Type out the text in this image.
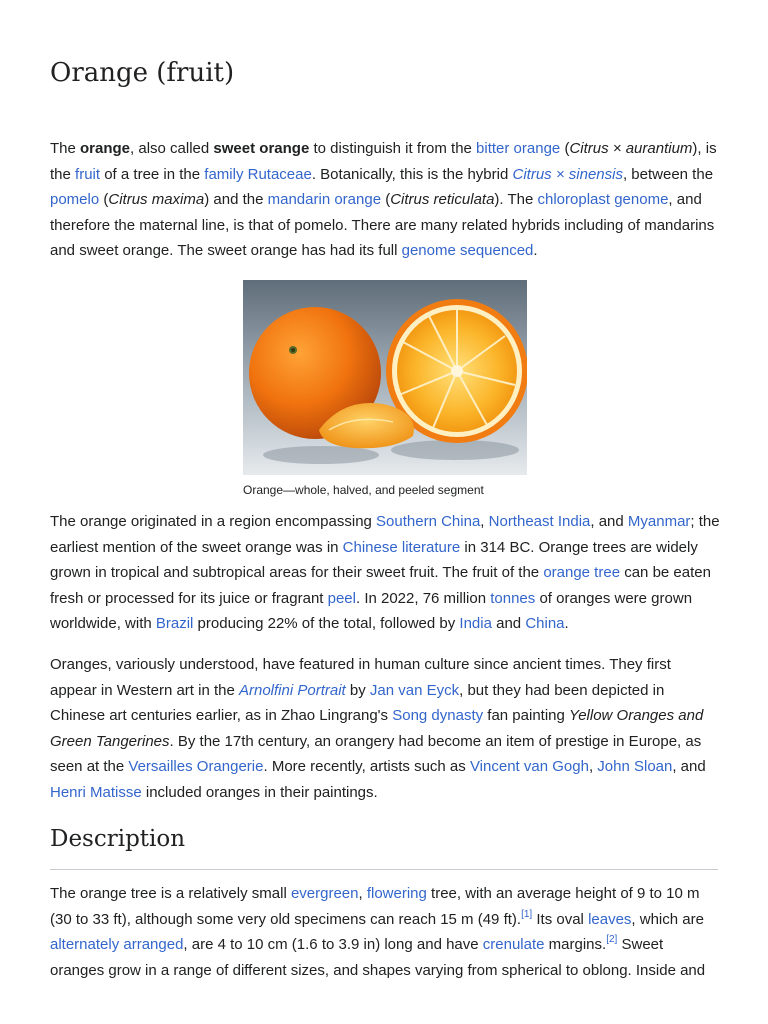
Orange (fruit)

The orange, also called sweet orange to distinguish it from the bitter orange (Citrus × aurantium), is the fruit of a tree in the family Rutaceae. Botanically, this is the hybrid Citrus × sinensis, between the pomelo (Citrus maxima) and the mandarin orange (Citrus reticulata). The chloroplast genome, and therefore the maternal line, is that of pomelo. There are many related hybrids including of mandarins and sweet orange. The sweet orange has had its full genome sequenced.

Orange—whole, halved, and peeled segment

The orange originated in a region encompassing Southern China, Northeast India, and Myanmar; the earliest mention of the sweet orange was in Chinese literature in 314 BC. Orange trees are widely grown in tropical and subtropical areas for their sweet fruit. The fruit of the orange tree can be eaten fresh or processed for its juice or fragrant peel. In 2022, 76 million tonnes of oranges were grown worldwide, with Brazil producing 22% of the total, followed by India and China.

Oranges, variously understood, have featured in human culture since ancient times. They first appear in Western art in the Arnolfini Portrait by Jan van Eyck, but they had been depicted in Chinese art centuries earlier, as in Zhao Lingrang's Song dynasty fan painting Yellow Oranges and Green Tangerines. By the 17th century, an orangery had become an item of prestige in Europe, as seen at the Versailles Orangerie. More recently, artists such as Vincent van Gogh, John Sloan, and Henri Matisse included oranges in their paintings.

Description

The orange tree is a relatively small evergreen, flowering tree, with an average height of 9 to 10 m (30 to 33 ft), although some very old specimens can reach 15 m (49 ft).[1] Its oval leaves, which are alternately arranged, are 4 to 10 cm (1.6 to 3.9 in) long and have crenulate margins.[2] Sweet oranges grow in a range of different sizes, and shapes varying from spherical to oblong. Inside and
